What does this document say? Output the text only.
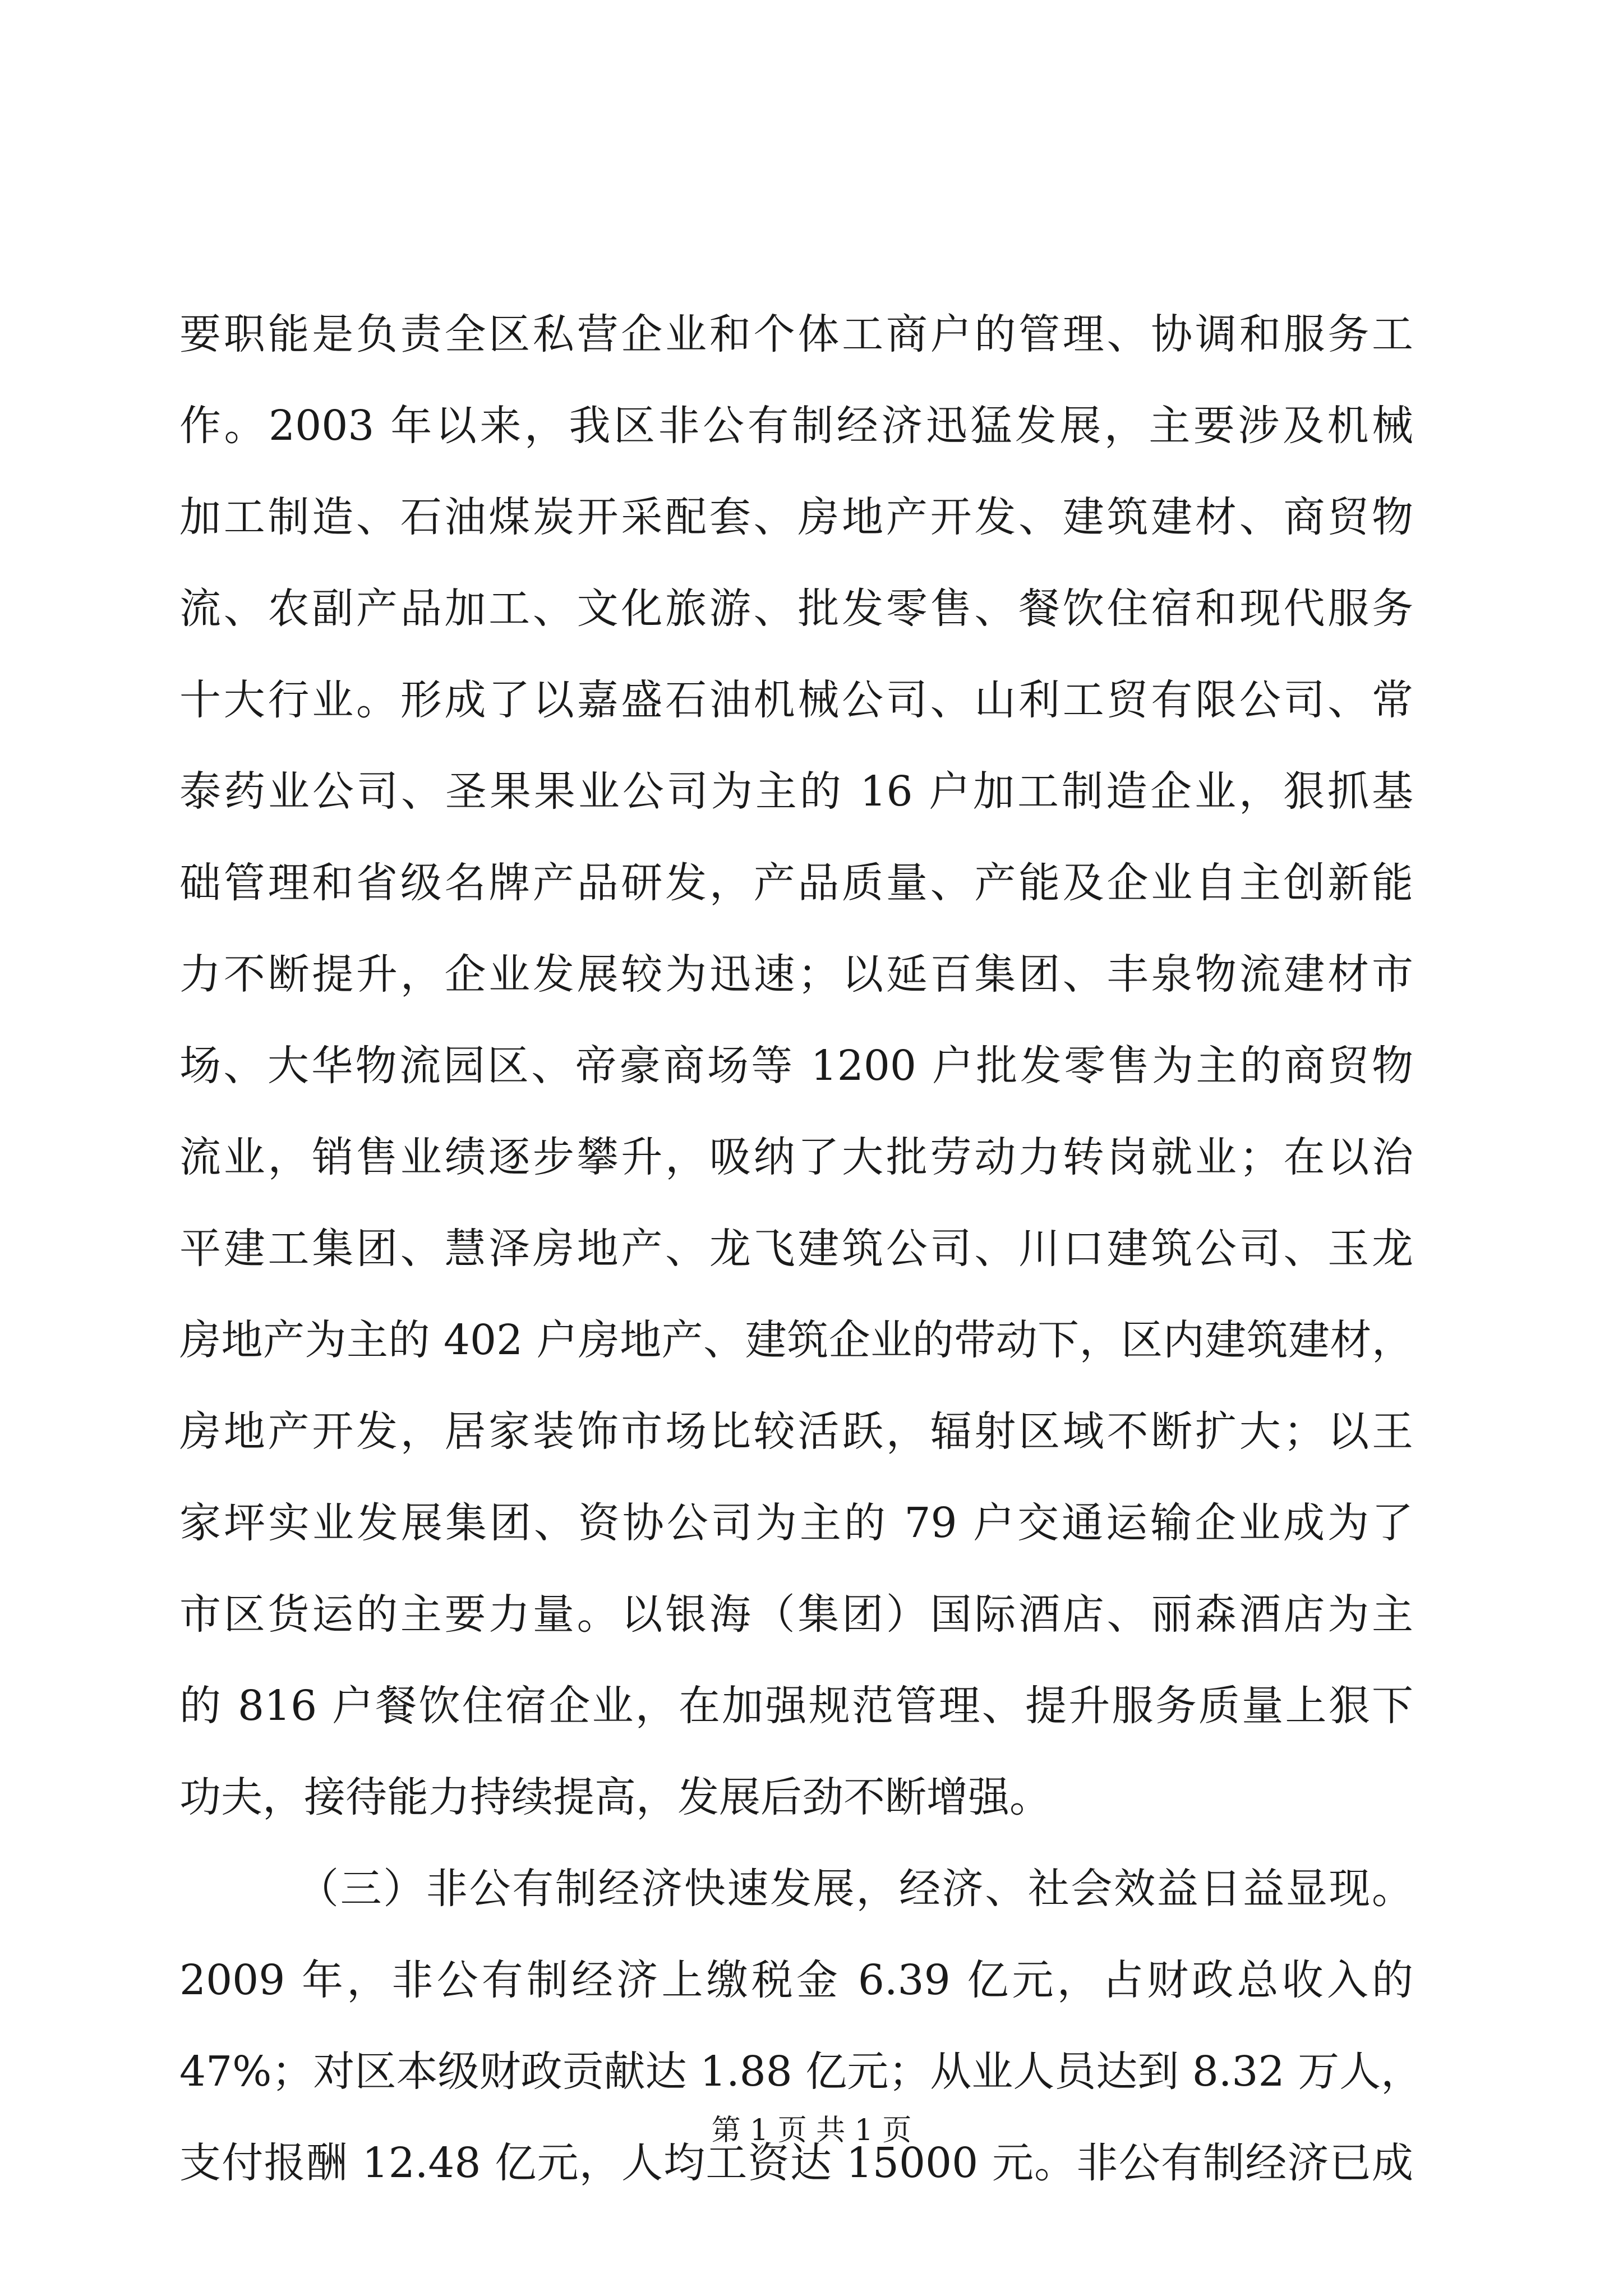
要职能是负责全区私营企业和个体工商户的管理、协调和服务工
作。2003 年以来，我区非公有制经济迅猛发展，主要涉及机械
加工制造、石油煤炭开采配套、房地产开发、建筑建材、商贸物
流、农副产品加工、文化旅游、批发零售、餐饮住宿和现代服务
十大行业。形成了以嘉盛石油机械公司、山利工贸有限公司、常
泰药业公司、圣果果业公司为主的 16 户加工制造企业，狠抓基
础管理和省级名牌产品研发，产品质量、产能及企业自主创新能
力不断提升，企业发展较为迅速；以延百集团、丰泉物流建材市
场、大华物流园区、帝豪商场等 1200 户批发零售为主的商贸物
流业，销售业绩逐步攀升，吸纳了大批劳动力转岗就业；在以治
平建工集团、慧泽房地产、龙飞建筑公司、川口建筑公司、玉龙
房地产为主的 402 户房地产、建筑企业的带动下，区内建筑建材，
房地产开发，居家装饰市场比较活跃，辐射区域不断扩大；以王
家坪实业发展集团、资协公司为主的 79 户交通运输企业成为了
市区货运的主要力量。以银海（集团）国际酒店、丽森酒店为主
的 816 户餐饮住宿企业，在加强规范管理、提升服务质量上狠下
功夫，接待能力持续提高，发展后劲不断增强。
（三）非公有制经济快速发展，经济、社会效益日益显现。
2009 年，非公有制经济上缴税金 6.39 亿元，占财政总收入的
47%；对区本级财政贡献达 1.88 亿元；从业人员达到 8.32 万人，
支付报酬 12.48 亿元，人均工资达 15000 元。非公有制经济已成
第 1 页 共 1 页
